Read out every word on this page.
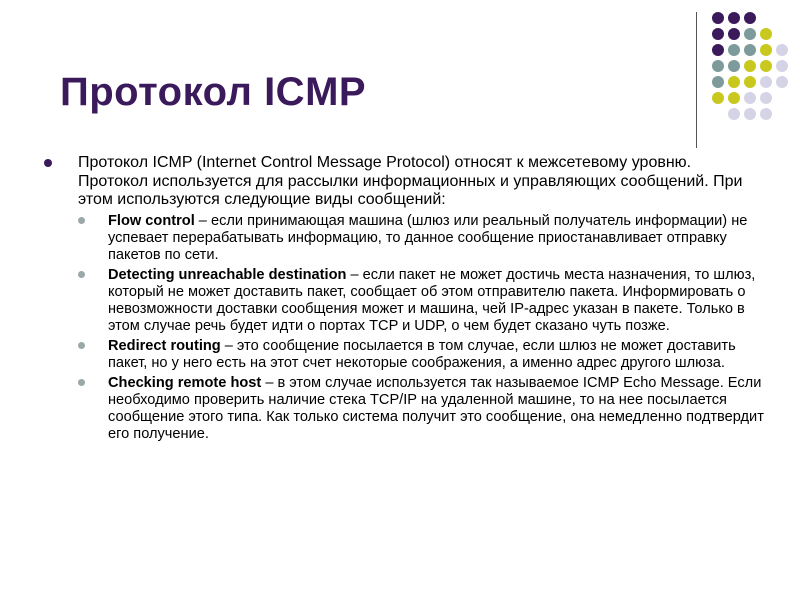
Протокол ICMP
Протокол ICMP (Internet Control Message Protocol) относят к межсетевому уровню. Протокол используется для рассылки информационных и управляющих сообщений. При этом используются следующие виды сообщений:
Flow control – если принимающая машина (шлюз или реальный получатель информации) не успевает перерабатывать информацию, то данное сообщение приостанавливает отправку пакетов по сети.
Detecting unreachable destination – если пакет не может достичь места назначения, то шлюз, который не может доставить пакет, сообщает об этом отправителю пакета. Информировать о невозможности доставки сообщения может и машина, чей IP-адрес указан в пакете. Только в этом случае речь будет идти о портах TCP и UDP, о чем будет сказано чуть позже.
Redirect routing – это сообщение посылается в том случае, если шлюз не может доставить пакет, но у него есть на этот счет некоторые соображения, а именно адрес другого шлюза.
Checking remote host – в этом случае используется так называемое ICMP Echo Message. Если необходимо проверить наличие стека TCP/IP на удаленной машине, то на нее посылается сообщение этого типа. Как только система получит это сообщение, она немедленно подтвердит его получение.
